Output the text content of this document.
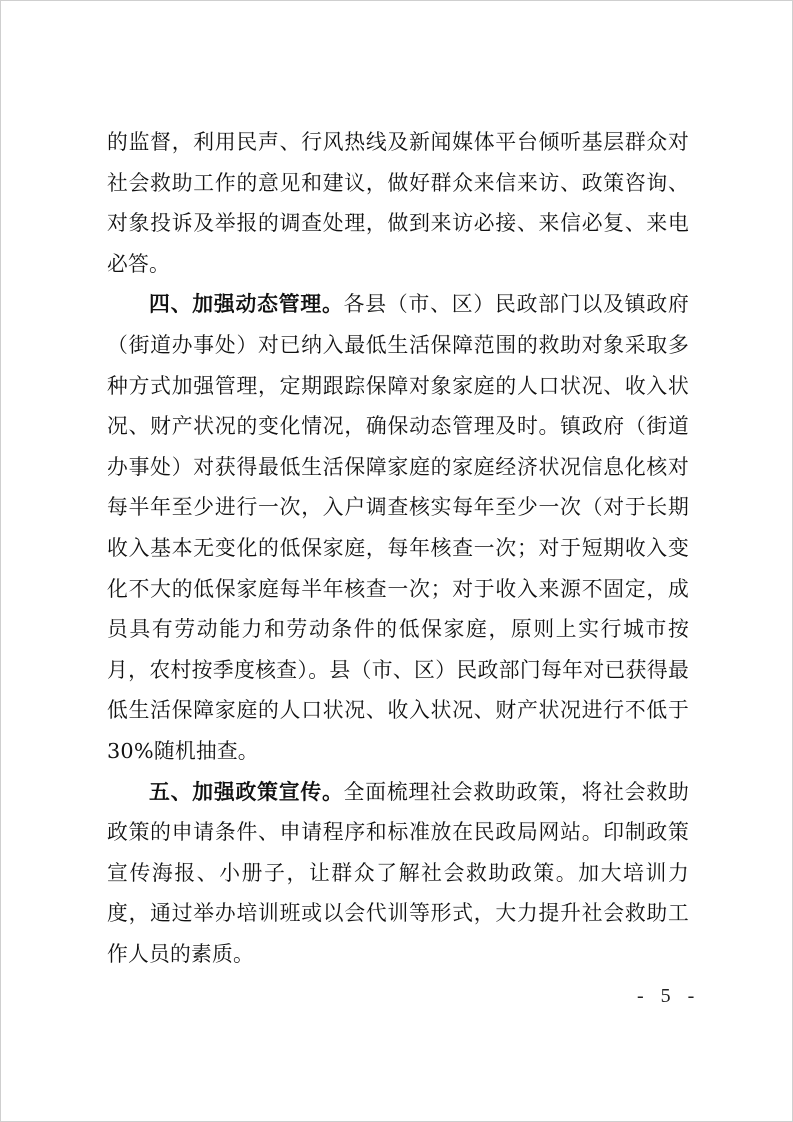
的监督，利用民声、行风热线及新闻媒体平台倾听基层群众对社会救助工作的意见和建议，做好群众来信来访、政策咨询、对象投诉及举报的调查处理，做到来访必接、来信必复、来电必答。

四、加强动态管理。各县（市、区）民政部门以及镇政府（街道办事处）对已纳入最低生活保障范围的救助对象采取多种方式加强管理，定期跟踪保障对象家庭的人口状况、收入状况、财产状况的变化情况，确保动态管理及时。镇政府（街道办事处）对获得最低生活保障家庭的家庭经济状况信息化核对每半年至少进行一次，入户调查核实每年至少一次（对于长期收入基本无变化的低保家庭，每年核查一次；对于短期收入变化不大的低保家庭每半年核查一次；对于收入来源不固定，成员具有劳动能力和劳动条件的低保家庭，原则上实行城市按月，农村按季度核查）。县（市、区）民政部门每年对已获得最低生活保障家庭的人口状况、收入状况、财产状况进行不低于30%随机抽查。

五、加强政策宣传。全面梳理社会救助政策，将社会救助政策的申请条件、申请程序和标准放在民政局网站。印制政策宣传海报、小册子，让群众了解社会救助政策。加大培训力度，通过举办培训班或以会代训等形式，大力提升社会救助工作人员的素质。

- 5 -
